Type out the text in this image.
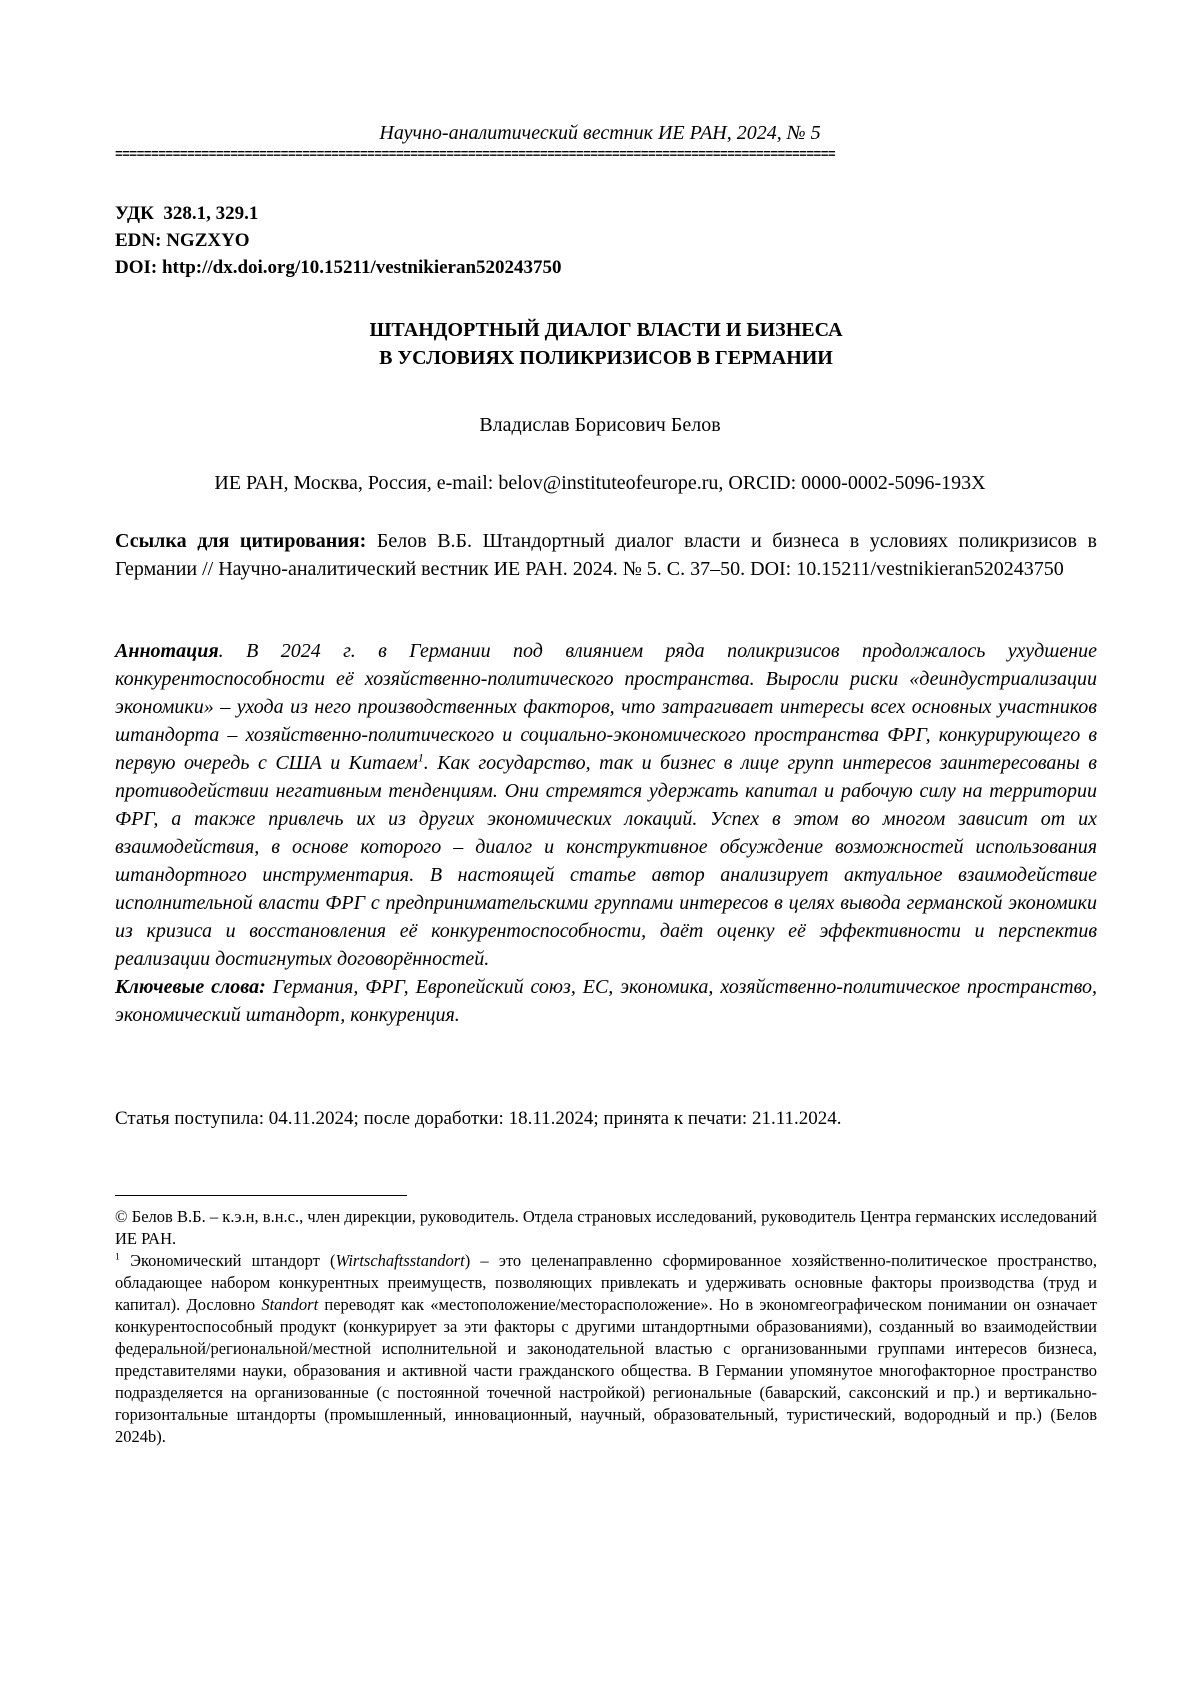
Научно-аналитический вестник ИЕ РАН, 2024, № 5
====================================================================================================
УДК  328.1, 329.1
EDN: NGZXYO
DOI: http://dx.doi.org/10.15211/vestnikieran520243750
ШТАНДОРТНЫЙ ДИАЛОГ ВЛАСТИ И БИЗНЕСА
В УСЛОВИЯХ ПОЛИКРИЗИСОВ В ГЕРМАНИИ
Владислав Борисович Белов
ИЕ РАН, Москва, Россия, e-mail: belov@instituteofeurope.ru, ORCID: 0000-0002-5096-193X

Ссылка для цитирования: Белов В.Б. Штандортный диалог власти и бизнеса в условиях поликризисов в Германии // Научно-аналитический вестник ИЕ РАН. 2024. № 5. С. 37–50. DOI: 10.15211/vestnikieran520243750

Аннотация. В 2024 г. в Германии под влиянием ряда поликризисов продолжалось ухудшение конкурентоспособности её хозяйственно-политического пространства. Выросли риски «деиндустриализации экономики» – ухода из него производственных факторов, что затрагивает интересы всех основных участников штандорта – хозяйственно-политического и социально-экономического пространства ФРГ, конкурирующего в первую очередь с США и Китаем$^1$. Как государство, так и бизнес в лице групп интересов заинтересованы в противодействии негативным тенденциям. Они стремятся удержать капитал и рабочую силу на территории ФРГ, а также привлечь их из других экономических локаций. Успех в этом во многом зависит от их взаимодействия, в основе которого – диалог и конструктивное обсуждение возможностей использования штандортного инструментария. В настоящей статье автор анализирует актуальное взаимодействие исполнительной власти ФРГ с предпринимательскими группами интересов в целях вывода германской экономики из кризиса и восстановления её конкурентоспособности, даёт оценку её эффективности и перспектив реализации достигнутых договорённостей.
Ключевые слова: Германия, ФРГ, Европейский союз, ЕС, экономика, хозяйственно-политическое пространство, экономический штандорт, конкуренция.

Статья поступила: 04.11.2024; после доработки: 18.11.2024; принята к печати: 21.11.2024.

© Белов В.Б. – к.э.н, в.н.с., член дирекции, руководитель. Отдела страновых исследований, руководитель Центра германских исследований ИЕ РАН.

$^1$ Экономический штандорт (Wirtschaftsstandort) – это целенаправленно сформированное хозяйственно-политическое пространство, обладающее набором конкурентных преимуществ, позволяющих привлекать и удерживать основные факторы производства (труд и капитал). Дословно Standort переводят как «местоположение/месторасположение». Но в экономгеографическом понимании он означает конкурентоспособный продукт (конкурирует за эти факторы с другими штандортными образованиями), созданный во взаимодействии федеральной/региональной/местной исполнительной и законодательной властью с организованными группами интересов бизнеса, представителями науки, образования и активной части гражданского общества. В Германии упомянутое многофакторное пространство подразделяется на организованные (с постоянной точечной настройкой) региональные (баварский, саксонский и пр.) и вертикально-горизонтальные штандорты (промышленный, инновационный, научный, образовательный, туристический, водородный и пр.) (Белов 2024b).
